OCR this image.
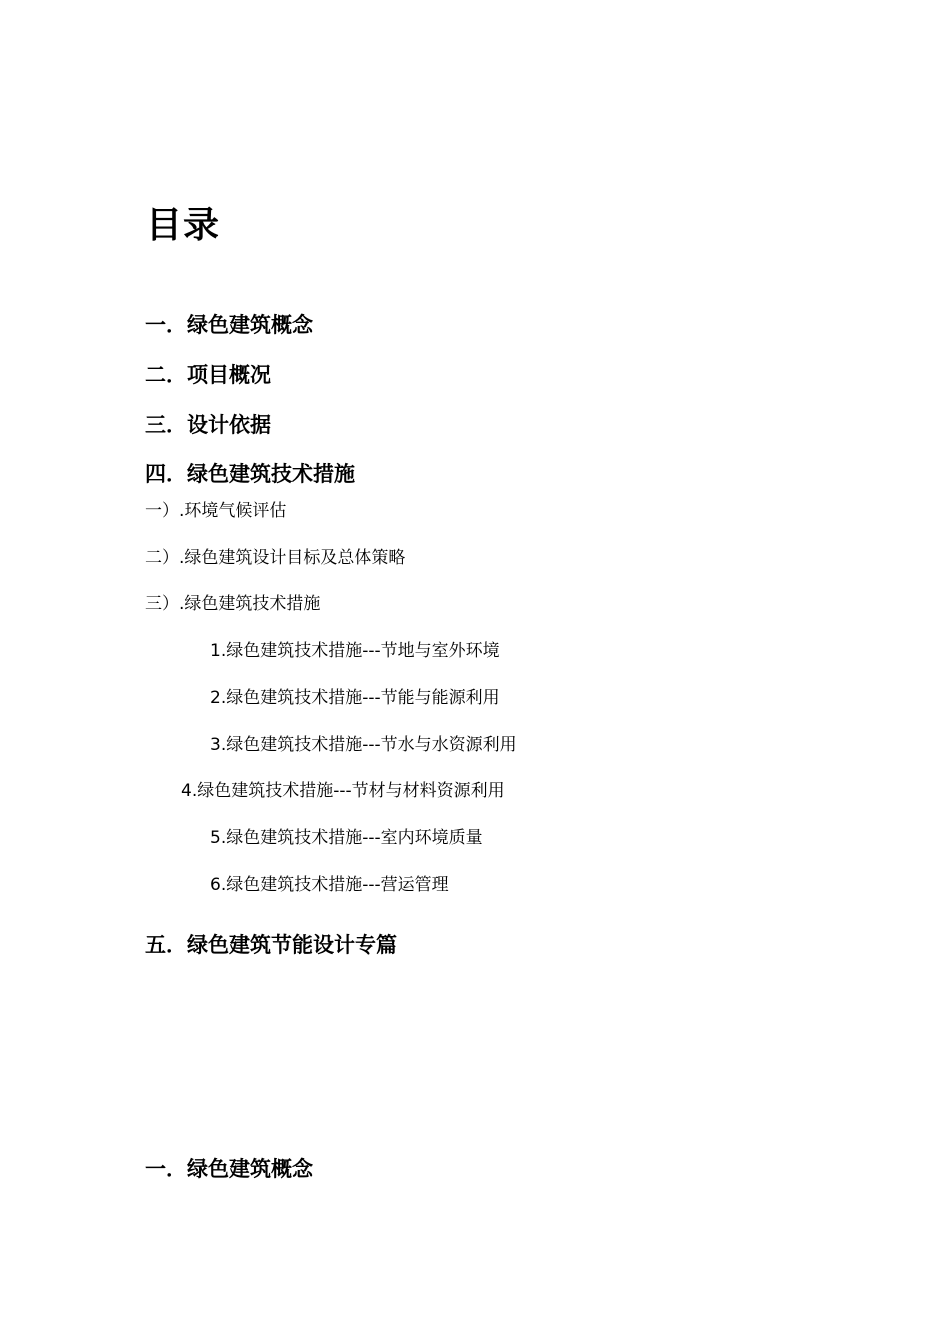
目录
一．绿色建筑概念
二．项目概况
三．设计依据
四．绿色建筑技术措施
一）.环境气候评估
二）.绿色建筑设计目标及总体策略
三）.绿色建筑技术措施
1.绿色建筑技术措施---节地与室外环境
2.绿色建筑技术措施---节能与能源利用
3.绿色建筑技术措施---节水与水资源利用
4.绿色建筑技术措施---节材与材料资源利用
5.绿色建筑技术措施---室内环境质量
6.绿色建筑技术措施---营运管理
五．绿色建筑节能设计专篇
一．绿色建筑概念
